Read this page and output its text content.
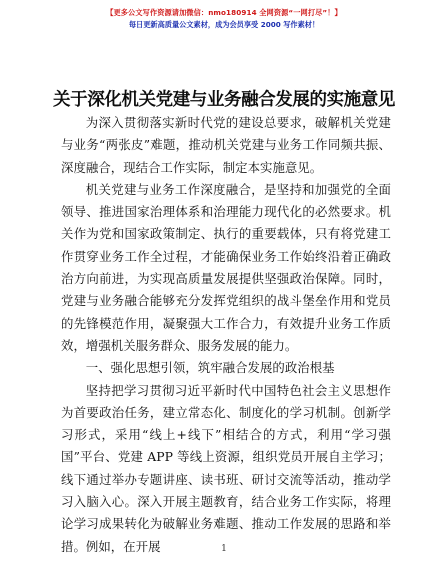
【更多公文写作资源请加微信：nmo180914 全网资源“一网打尽”！】
每日更新高质量公文素材，成为会员享受 2000 写作素材！
关于深化机关党建与业务融合发展的实施意见

为深入贯彻落实新时代党的建设总要求，破解机关党建与业务“两张皮”难题，推动机关党建与业务工作同频共振、深度融合，现结合工作实际，制定本实施意见。

机关党建与业务工作深度融合，是坚持和加强党的全面领导、推进国家治理体系和治理能力现代化的必然要求。机关作为党和国家政策制定、执行的重要载体，只有将党建工作贯穿业务工作全过程，才能确保业务工作始终沿着正确政治方向前进，为实现高质量发展提供坚强政治保障。同时，党建与业务融合能够充分发挥党组织的战斗堡垒作用和党员的先锋模范作用，凝聚强大工作合力，有效提升业务工作质效，增强机关服务群众、服务发展的能力。

一、强化思想引领，筑牢融合发展的政治根基

坚持把学习贯彻习近平新时代中国特色社会主义思想作为首要政治任务，建立常态化、制度化的学习机制。创新学习形式，采用“线上+线下”相结合的方式，利用“学习强国”平台、党建 APP 等线上资源，组织党员开展自主学习；线下通过举办专题讲座、读书班、研讨交流等活动，推动学习入脑入心。深入开展主题教育，结合业务工作实际，将理论学习成果转化为破解业务难题、推动工作发展的思路和举措。例如，在开展	1
